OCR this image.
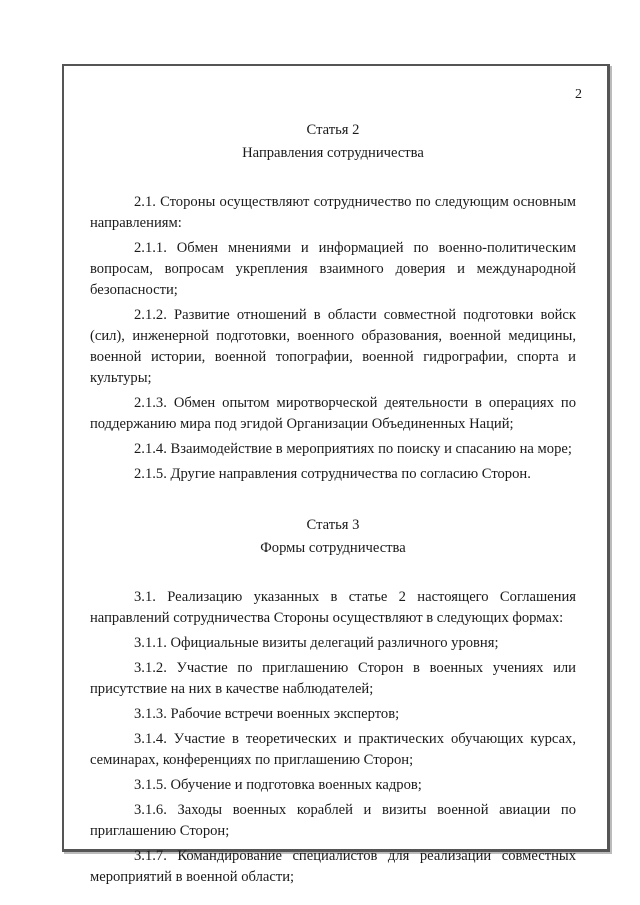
2

Статья 2

Направления сотрудничества

2.1. Стороны осуществляют сотрудничество по следующим основным направлениям:

2.1.1. Обмен мнениями и информацией по военно-политическим вопросам, вопросам укрепления взаимного доверия и международной безопасности;

2.1.2. Развитие отношений в области совместной подготовки войск (сил), инженерной подготовки, военного образования, военной медицины, военной истории, военной топографии, военной гидрографии, спорта и культуры;

2.1.3. Обмен опытом миротворческой деятельности в операциях по поддержанию мира под эгидой Организации Объединенных Наций;

2.1.4. Взаимодействие в мероприятиях по поиску и спасанию на море;

2.1.5. Другие направления сотрудничества по согласию Сторон.

Статья 3

Формы сотрудничества

3.1. Реализацию указанных в статье 2 настоящего Соглашения направлений сотрудничества Стороны осуществляют в следующих формах:

3.1.1. Официальные визиты делегаций различного уровня;

3.1.2. Участие по приглашению Сторон в военных учениях или присутствие на них в качестве наблюдателей;

3.1.3. Рабочие встречи военных экспертов;

3.1.4. Участие в теоретических и практических обучающих курсах, семинарах, конференциях по приглашению Сторон;

3.1.5. Обучение и подготовка военных кадров;

3.1.6. Заходы военных кораблей и визиты военной авиации по приглашению Сторон;

3.1.7. Командирование специалистов для реализации совместных мероприятий в военной области;
